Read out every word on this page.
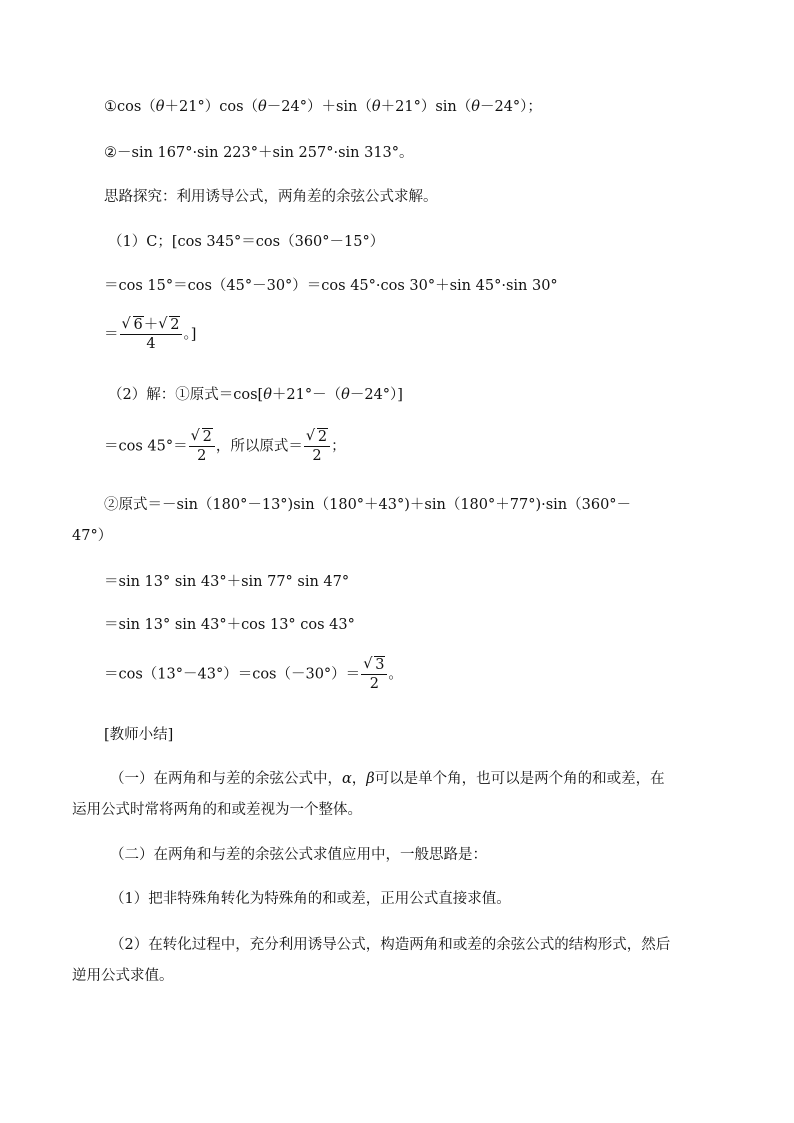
①cos（θ＋21°）cos（θ－24°）＋sin（θ＋21°）sin（θ－24°）；
②－sin 167°·sin 223°＋sin 257°·sin 313°。
思路探究：利用诱导公式，两角差的余弦公式求解。
（1）C；[cos 345°＝cos（360°－15°）
＝cos 15°＝cos（45°－30°）＝cos 45°·cos 30°＋sin 45°·sin 30°
＝ √ $\frac{6+ √ 2}{4}$ 。]
（2）解：①原式＝cos[θ＋21°－（θ－24°）]
＝cos 45°＝ √ $\frac{2}{2}$ ，所以原式＝ √ $\frac{2}{2}$ ；
②原式＝－sin（180°－13°)sin（180°＋43°)＋sin（180°＋77°)·sin（360°－
47°）
＝sin 13° sin 43°＋sin 77° sin 47°
＝sin 13° sin 43°＋cos 13° cos 43°
＝cos（13°－43°）＝cos（－30°）＝ √ $\frac{3}{2}$ 。
[教师小结]
（一）在两角和与差的余弦公式中，α，β可以是单个角，也可以是两个角的和或差，在
运用公式时常将两角的和或差视为一个整体。
（二）在两角和与差的余弦公式求值应用中，一般思路是：
（1）把非特殊角转化为特殊角的和或差，正用公式直接求值。
（2）在转化过程中，充分利用诱导公式，构造两角和或差的余弦公式的结构形式，然后
逆用公式求值。
